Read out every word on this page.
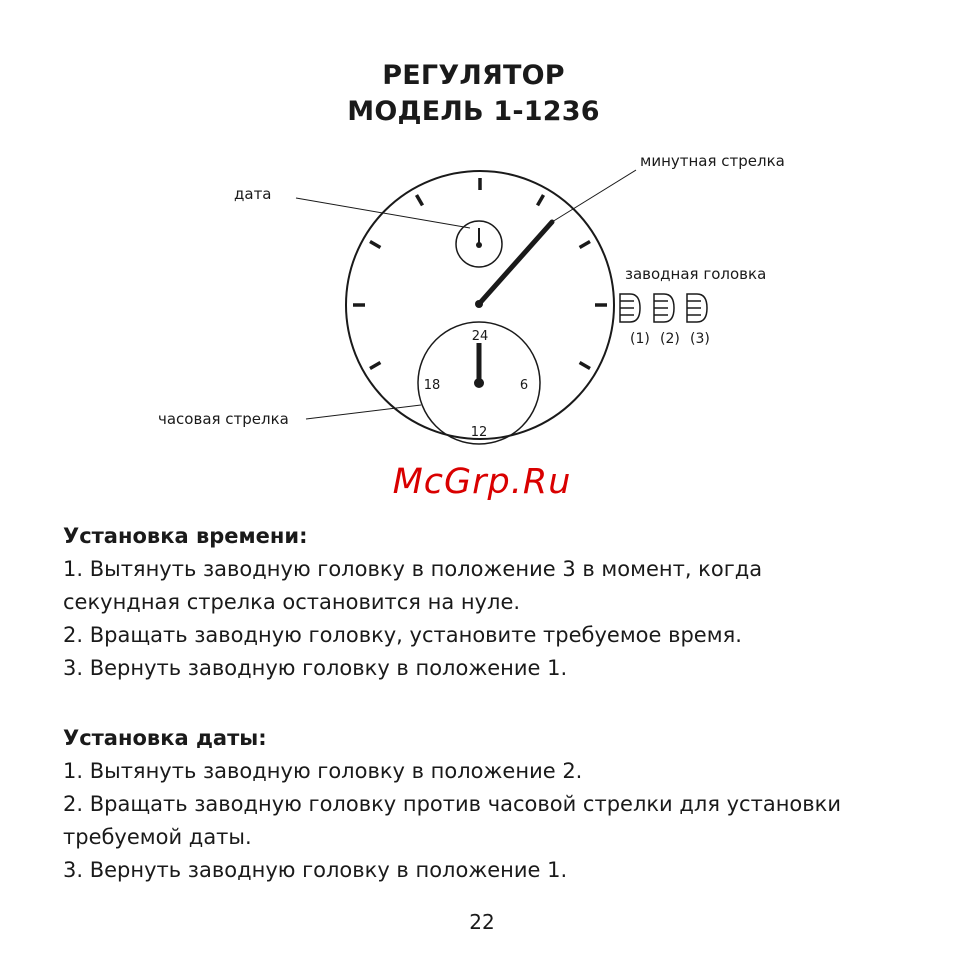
РЕГУЛЯТОР
МОДЕЛЬ 1-1236
24
6
12
18
минутная стрелка
дата
заводная головка
часовая стрелка
(1) (2) (3)
McGrp.Ru
Установка времени:
1. Вытянуть заводную головку в положение 3 в момент, когда
секундная стрелка остановится на нуле.
2. Вращать заводную головку, установите требуемое время.
3. Вернуть заводную головку в положение 1.
Установка даты:
1. Вытянуть заводную головку в положение 2.
2. Вращать заводную головку против часовой стрелки для установки
требуемой даты.
3. Вернуть заводную головку в положение 1.
22
